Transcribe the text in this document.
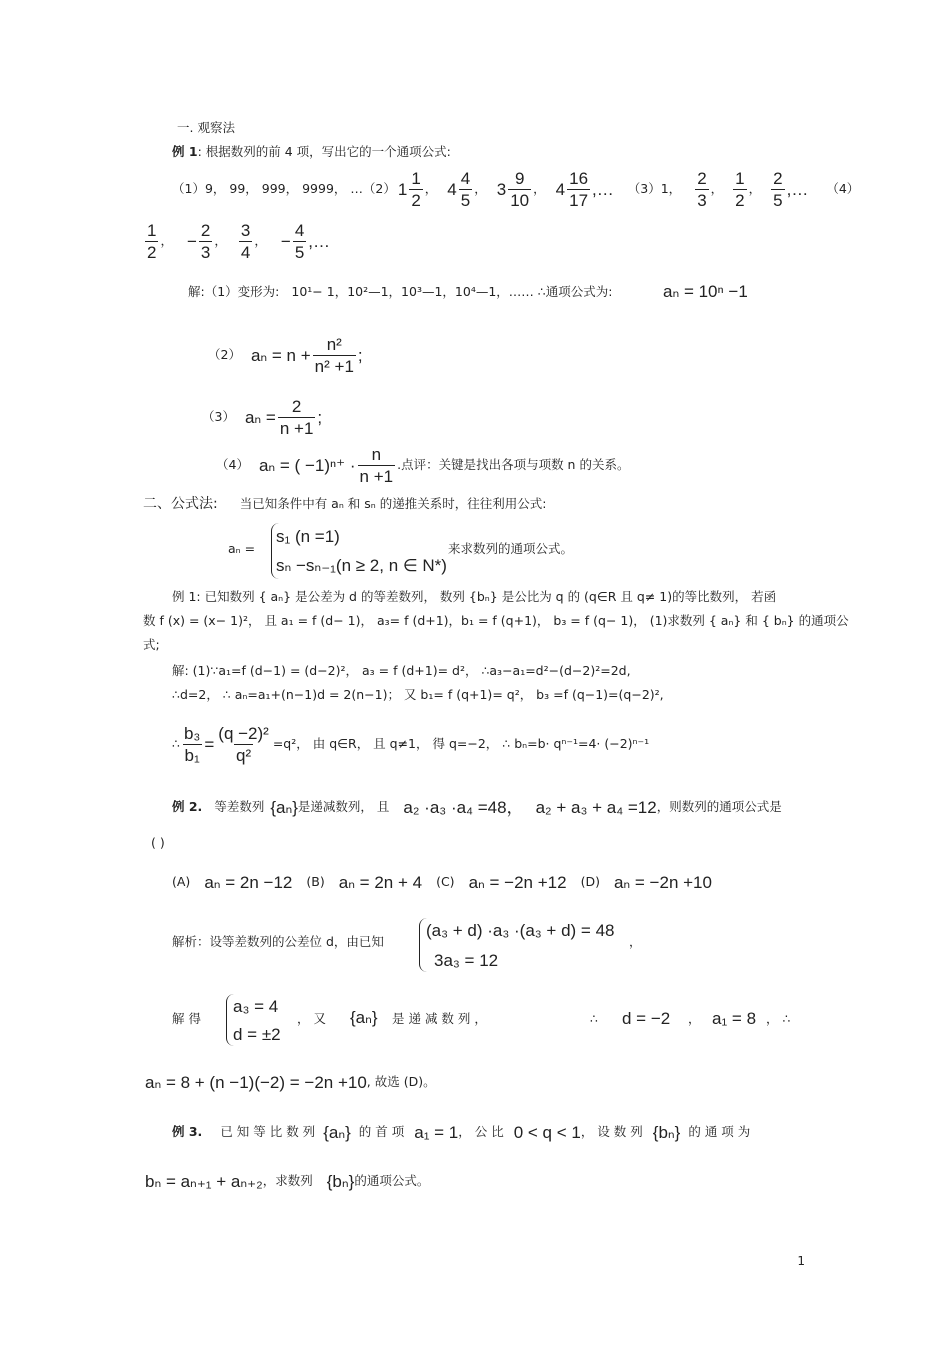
一. 观察法
例 1: 根据数列的前 4 项，写出它的一个通项公式:
（1）9， 99， 999， 9999， …（2） $1 \frac{1}{2}$ ， $4 \frac{4}{5}$ ， $3 \frac{9}{10}$ ， $4 \frac{16}{17}$ ,… （3）1， $\frac{2}{3}$ ， $\frac{1}{2}$ ， $\frac{2}{5}$ ,… （4）
$\frac{1}{2}$ ， − $\frac{2}{3}$ ， $\frac{3}{4}$ ， − $\frac{4}{5}$ ,…
解:（1）变形为: 10¹− 1，10²—1，10³—1，10⁴—1，…… ∴通项公式为:	aₙ = 10ⁿ −1
（2） $a_n = n + \frac{\text{n²}}{\text{n² +1}}$ ;
（3） $a_n = \frac{2}{n +1}$ ;
（4） aₙ = ( $-1)^{n+} \cdot \frac{n}{n +1}$ .点评：关键是找出各项与项数 n 的关系。
二、公式法: 当已知条件中有 aₙ 和 sₙ 的递推关系时，往往利用公式:
aₙ =
s₁ (n =1)
sₙ −sₙ₋₁(n ≥ 2, n ∈ N*)
来求数列的通项公式。
例 1: 已知数列 { aₙ} 是公差为 d 的等差数列， 数列 {bₙ} 是公比为 q 的 (q∈R 且 q≠ 1)的等比数列， 若函
数 f (x) = (x− 1)²， 且 a₁ = f (d− 1)， a₃= f (d+1)，b₁ = f (q+1)， b₃ = f (q− 1)， (1)求数列 { aₙ} 和 { bₙ} 的通项公
式;
解: (1)∵a₁=f (d−1) = (d−2)²， a₃ = f (d+1)= d²， ∴a₃−a₁=d²−(d−2)²=2d,
∴d=2， ∴ aₙ=a₁+(n−1)d = 2(n−1)； 又 b₁= f (q+1)= q²， b₃ =f (q−1)=(q−2)²,
∴ $\frac{\text{b₃}}{\text{b₁}} = \frac{\text{(q −2)²}}{\text{q²}} =q^2$， 由 q∈R， 且 q≠1， 得 q=−2， ∴ bₙ=b· qⁿ⁻¹=4· (−2)ⁿ⁻¹
例 2. 等差数列 {aₙ} 是递减数列， 且 a₂ ·a₃ ·a₄ =48， a₂ + a₃ + a₄ =12 ，则数列的通项公式是
( )
(A) aₙ = 2n −12 (B) aₙ = 2n + 4 (C) aₙ = −2n +12 (D) aₙ = −2n +10
解析：设等差数列的公差位 d，由已知
(a₃ + d) ·a₃ ·(a₃ + d) = 48
，
3a₃ = 12
解 得
a₃ = 4
d = ±2
， 又 {aₙ} 是 递 减 数 列 ，	∴ d = −2 ， a₁ = 8 ， ∴
aₙ = 8 + (n −1)(−2) = −2n +10 , 故选 (D)。
例 3. 已 知 等 比 数 列 {aₙ} 的 首 项 a₁ = 1 ， 公 比 0 < q < 1 ， 设 数 列 {bₙ} 的 通 项 为
bₙ = aₙ₊₁ + aₙ₊₂ ，求数列 {bₙ} 的通项公式。
1
